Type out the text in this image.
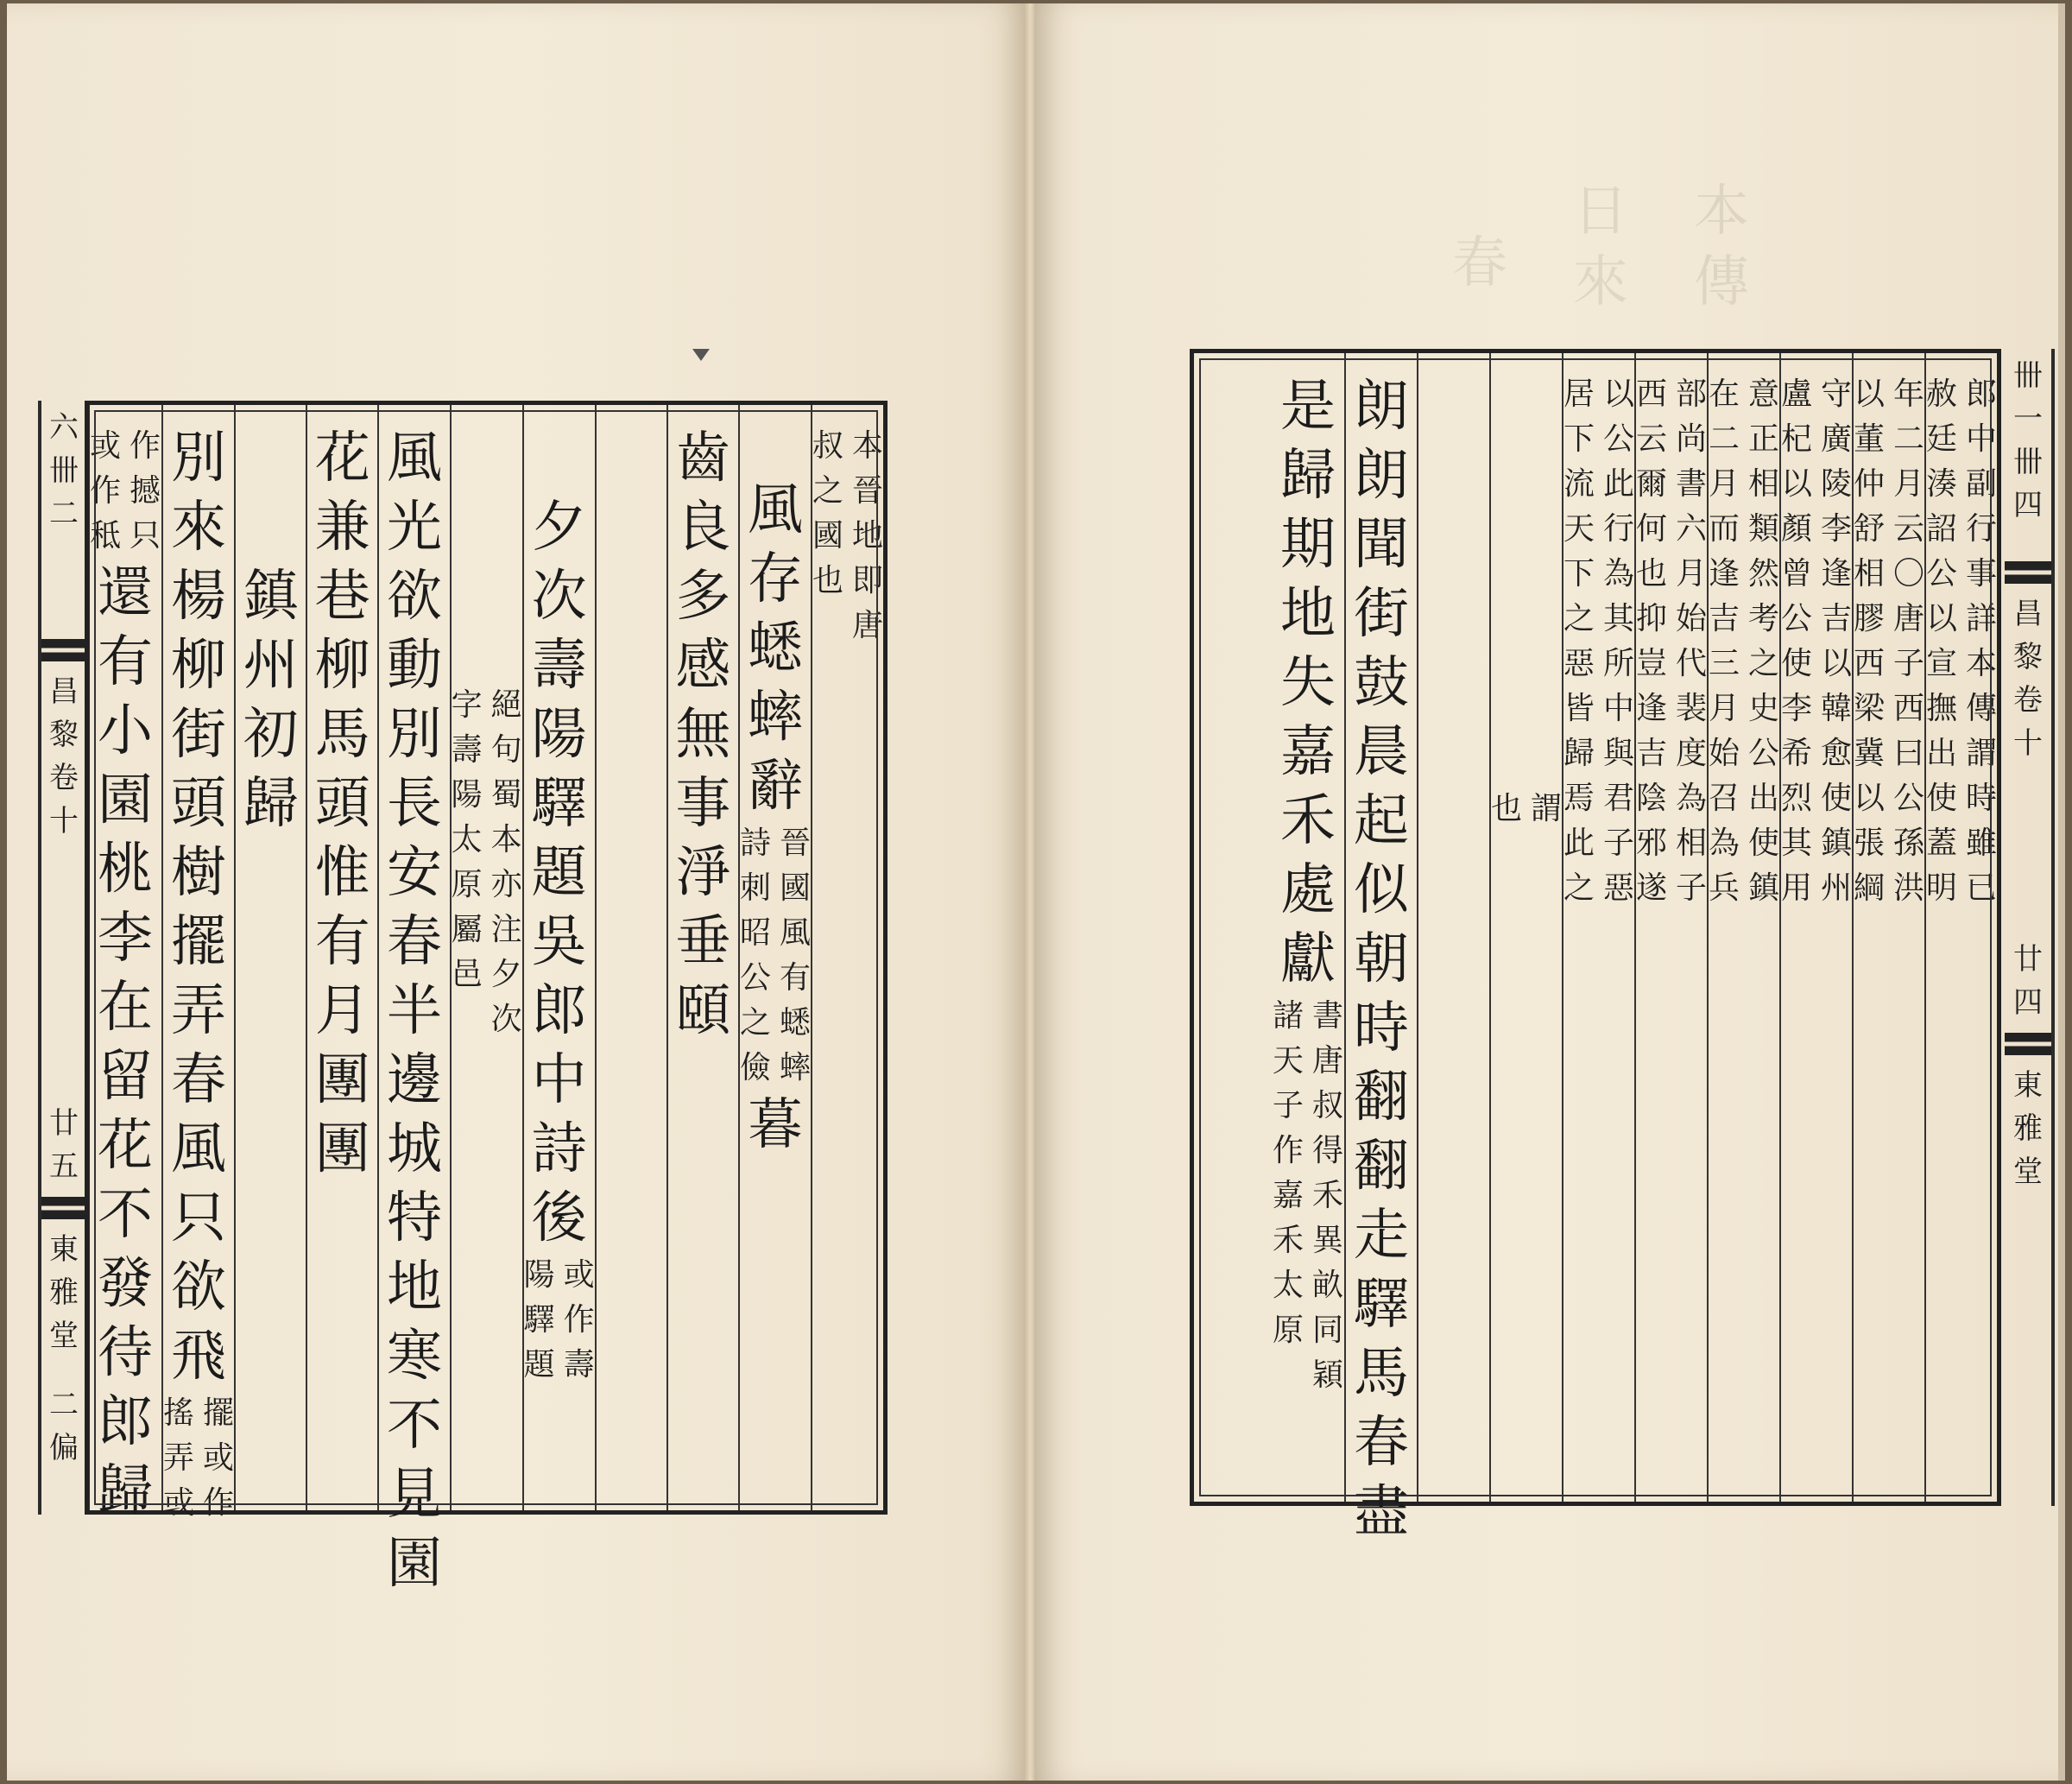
六卌二
昌黎卷十
廿五
東雅堂
二偏
本晉地即唐
叔之國也
風
存蟋蟀辭
晉國風有蟋蟀
詩刺昭公之儉
暮
齒良多感無事淨垂頤
夕次壽陽驛題吳郎中詩後
或作壽
陽驛題
絕句蜀本亦注夕次
字壽陽太原屬邑
風光欲動別長安春半邊城特地寒不見園
花兼巷柳馬頭惟有月團團
鎮州初歸
別來楊柳街頭樹擺弄春風只欲飛
擺或作
搖弄或
作撼只
或作秪
還有小園桃李在留花不發待郎歸
本傳
日來
春
郎中副行事詳本傳謂時雖已
赦廷湊詔公以宣撫出使蓋明
年二月云〇唐子西曰公孫洪
以董仲舒相膠西梁冀以張綱
守廣陵李逢吉以韓愈使鎮州
盧杞以顏曾公使李希烈其用
意正相類然考之史公出使鎮
在二月而逢吉三月始召為兵
部尚書六月始代裴度為相子
西云爾何也抑豈逢吉陰邪遂
以公此行為其所中與君子惡
居下流天下之惡皆歸焉此之
謂
也
朗朗聞街鼓晨起似朝時翻翻走驛馬春盡
是歸期地失嘉禾處獻
書唐叔得禾異畝同穎
諸天子作嘉禾太原
卌一卌四
昌黎卷十
廿四
東雅堂
